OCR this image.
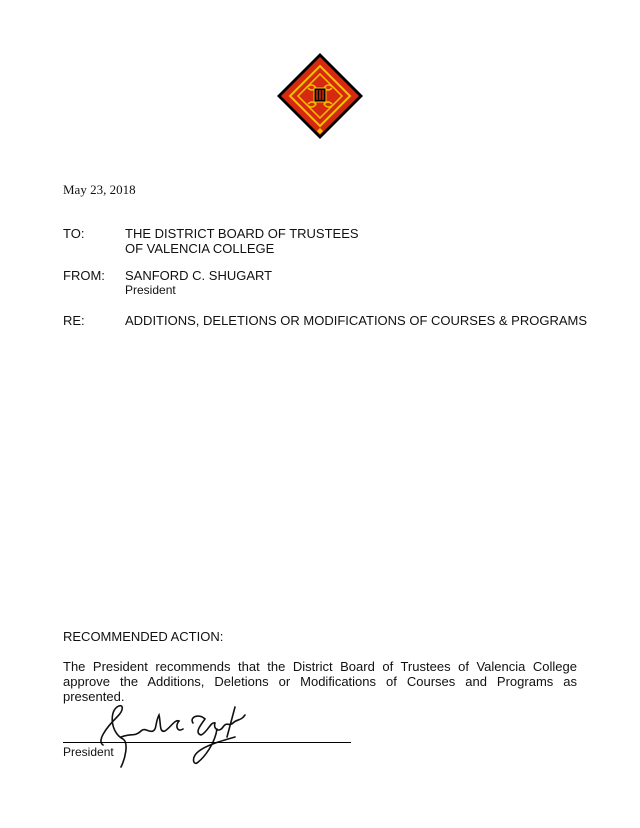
May 23, 2018
TO:	THE DISTRICT BOARD OF TRUSTEES
OF VALENCIA COLLEGE
FROM:	SANFORD C. SHUGART
President
RE:	ADDITIONS, DELETIONS OR MODIFICATIONS OF COURSES & PROGRAMS
RECOMMENDED ACTION:
The President recommends that the District Board of Trustees of Valencia College approve the Additions, Deletions or Modifications of Courses and Programs as presented.
President
